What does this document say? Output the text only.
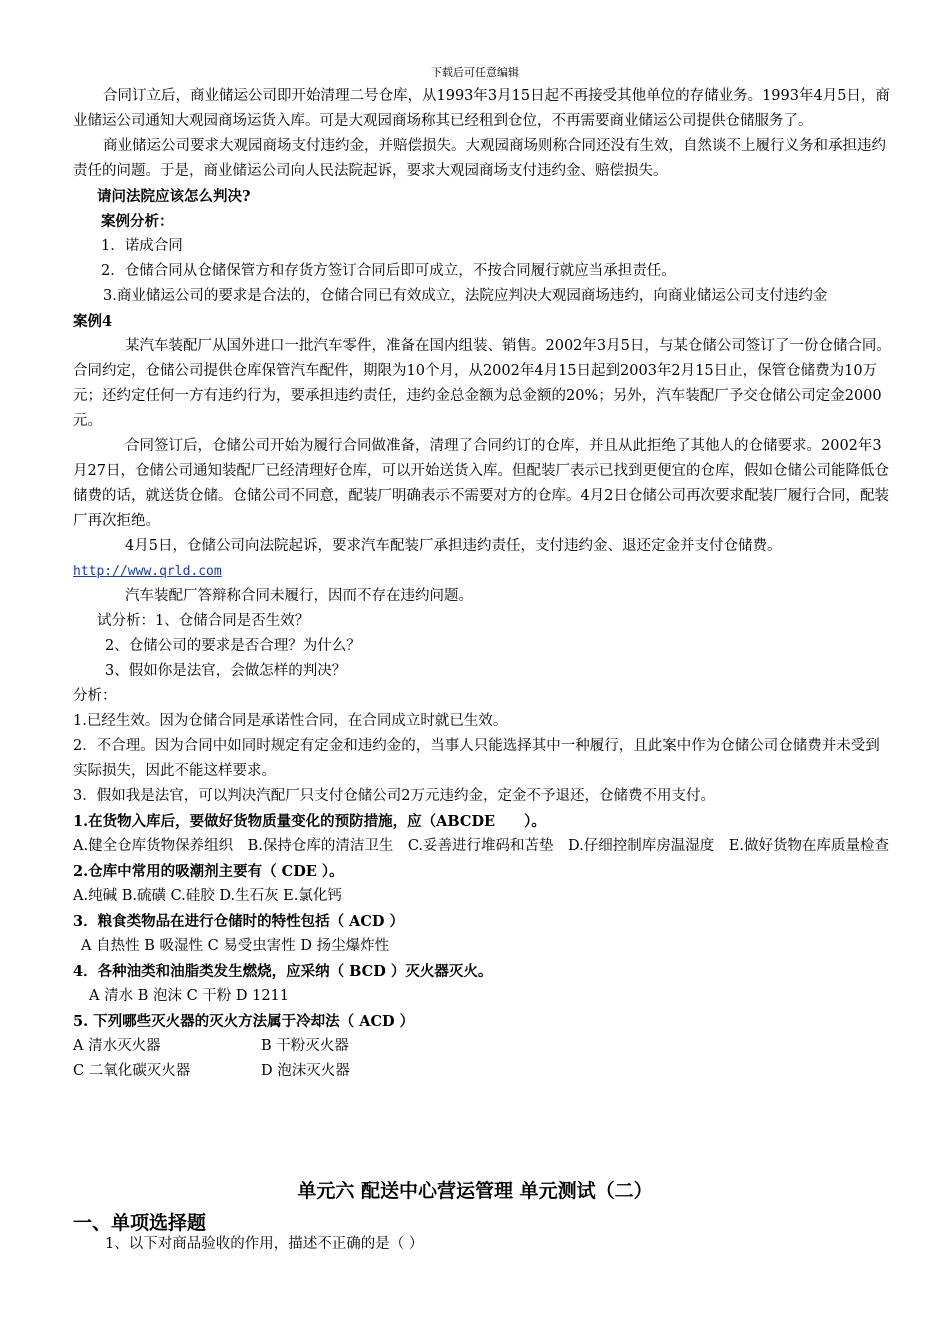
下载后可任意编辑

合同订立后，商业储运公司即开始清理二号仓库，从1993年3月15日起不再接受其他单位的存储业务。1993年4月5日，商业储运公司通知大观园商场运货入库。可是大观园商场称其已经租到仓位，不再需要商业储运公司提供仓储服务了。

商业储运公司要求大观园商场支付违约金，并赔偿损失。大观园商场则称合同还没有生效，自然谈不上履行义务和承担违约责任的问题。于是，商业储运公司向人民法院起诉，要求大观园商场支付违约金、赔偿损失。

请问法院应该怎么判决?

案例分析：

1．诺成合同

2．仓储合同从仓储保管方和存货方签订合同后即可成立，不按合同履行就应当承担责任。

3.商业储运公司的要求是合法的，仓储合同已有效成立，法院应判决大观园商场违约，向商业储运公司支付违约金

案例4

某汽车装配厂从国外进口一批汽车零件，准备在国内组装、销售。2002年3月5日，与某仓储公司签订了一份仓储合同。合同约定，仓储公司提供仓库保管汽车配件，期限为10个月，从2002年4月15日起到2003年2月15日止，保管仓储费为10万元；还约定任何一方有违约行为，要承担违约责任，违约金总金额为总金额的20%；另外，汽车装配厂予交仓储公司定金2000元。

合同签订后，仓储公司开始为履行合同做准备，清理了合同约订的仓库，并且从此拒绝了其他人的仓储要求。2002年3月27日，仓储公司通知装配厂已经清理好仓库，可以开始送货入库。但配装厂表示已找到更便宜的仓库，假如仓储公司能降低仓储费的话，就送货仓储。仓储公司不同意，配装厂明确表示不需要对方的仓库。4月2日仓储公司再次要求配装厂履行合同，配装厂再次拒绝。

4月5日，仓储公司向法院起诉，要求汽车配装厂承担违约责任，支付违约金、退还定金并支付仓储费。

http://www.qrld.com

汽车装配厂答辩称合同未履行，因而不存在违约问题。

试分析：1、仓储合同是否生效？

2、仓储公司的要求是否合理？为什么？

3、假如你是法官，会做怎样的判决？

分析：

1.已经生效。因为仓储合同是承诺性合同，在合同成立时就已生效。

2．不合理。因为合同中如同时规定有定金和违约金的，当事人只能选择其中一种履行，且此案中作为仓储公司仓储费并未受到实际损失，因此不能这样要求。

3．假如我是法官，可以判决汽配厂只支付仓储公司2万元违约金，定金不予退还，仓储费不用支付。

1.在货物入库后，要做好货物质量变化的预防措施，应（ABCDE　　）。

A.健全仓库货物保养组织　B.保持仓库的清洁卫生　C.妥善进行堆码和苫垫　D.仔细控制库房温湿度　E.做好货物在库质量检查

2.仓库中常用的吸潮剂主要有（ CDE ）。

A.纯碱 B.硫磺 C.硅胶 D.生石灰 E.氯化钙

3．粮食类物品在进行仓储时的特性包括（ ACD ）

A 自热性 B 吸湿性 C 易受虫害性 D 扬尘爆炸性

4．各种油类和油脂类发生燃烧，应采纳（ BCD ）灭火器灭火。

A 清水 B 泡沫 C 干粉 D 1211

5. 下列哪些灭火器的灭火方法属于冷却法（ ACD ）

A 清水灭火器	B 干粉灭火器

C 二氧化碳灭火器	D 泡沫灭火器

单元六 配送中心营运管理 单元测试（二）
一、单项选择题
1、以下对商品验收的作用，描述不正确的是（ ）
